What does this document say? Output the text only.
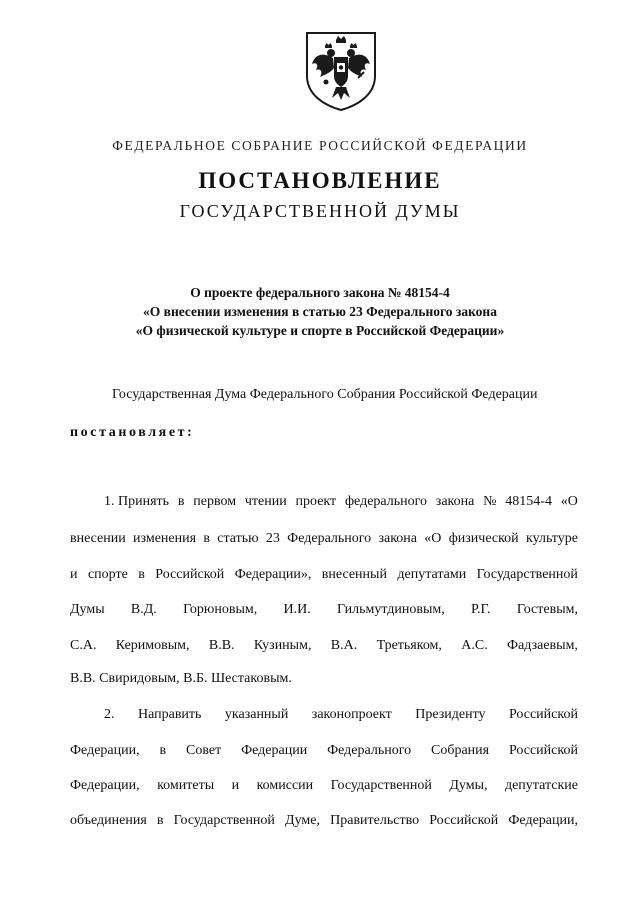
ФЕДЕРАЛЬНОЕ СОБРАНИЕ РОССИЙСКОЙ ФЕДЕРАЦИИ
ПОСТАНОВЛЕНИЕ
ГОСУДАРСТВЕННОЙ ДУМЫ
О проекте федерального закона № 48154-4
«О внесении изменения в статью 23 Федерального закона
«О физической культуре и спорте в Российской Федерации»
Государственная Дума Федерального Собрания Российской Федерации
постановляет:
1. Принять в первом чтении проект федерального закона № 48154-4 «О
внесении изменения в статью 23 Федерального закона «О физической культуре
и спорте в Российской Федерации», внесенный депутатами Государственной
Думы В.Д. Горюновым, И.И. Гильмутдиновым, Р.Г. Гостевым,
С.А. Керимовым, В.В. Кузиным, В.А. Третьяком, А.С. Фадзаевым,
В.В. Свиридовым, В.Б. Шестаковым.
2. Направить указанный законопроект Президенту Российской
Федерации, в Совет Федерации Федерального Собрания Российской
Федерации, комитеты и комиссии Государственной Думы, депутатские
объединения в Государственной Думе, Правительство Российской Федерации,
